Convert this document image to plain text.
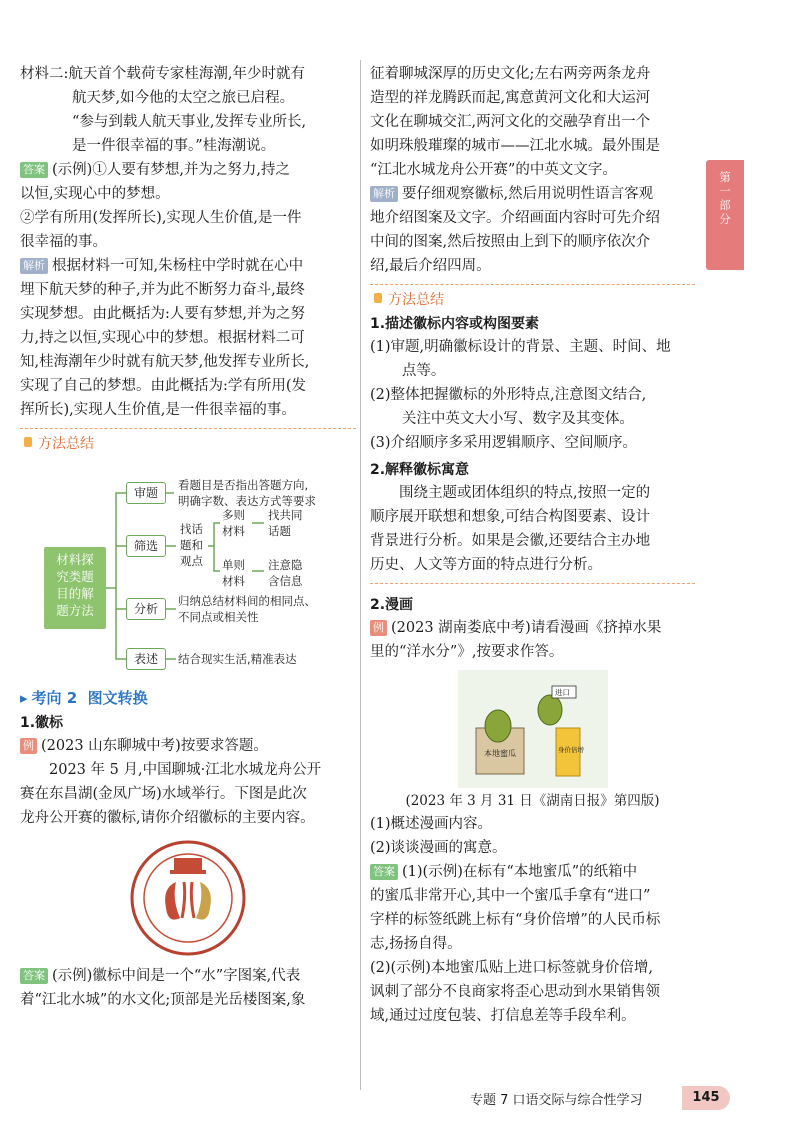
材料二:航天首个载荷专家桂海潮,年少时就有

航天梦,如今他的太空之旅已启程。

“参与到载人航天事业,发挥专业所长,

是一件很幸福的事。”桂海潮说。

答案 (示例)①人要有梦想,并为之努力,持之

以恒,实现心中的梦想。

②学有所用(发挥所长),实现人生价值,是一件

很幸福的事。

解析 根据材料一可知,朱杨柱中学时就在心中

埋下航天梦的种子,并为此不断努力奋斗,最终

实现梦想。由此概括为:人要有梦想,并为之努

力,持之以恒,实现心中的梦想。根据材料二可

知,桂海潮年少时就有航天梦,他发挥专业所长,

实现了自己的梦想。由此概括为:学有所用(发

挥所长),实现人生价值,是一件很幸福的事。

方法总结
材料探
究类题
目的解
题方法
审题
筛选
分析
表述
看题目是否指出答题方向,
明确字数、表达方式等要求
找话
题和
观点
多则
材料
找共同
话题
单则
材料
注意隐
含信息
归纳总结材料间的相同点、
不同点或相关性
结合现实生活,精准表达
▸ 考向 2 图文转换
1.徽标

例 (2023 山东聊城中考)按要求答题。

2023 年 5 月,中国聊城·江北水城龙舟公开

赛在东昌湖(金凤广场)水域举行。下图是此次

龙舟公开赛的徽标,请你介绍徽标的主要内容。

答案 (示例)徽标中间是一个“水”字图案,代表

着“江北水城”的水文化;顶部是光岳楼图案,象

征着聊城深厚的历史文化;左右两旁两条龙舟

造型的祥龙腾跃而起,寓意黄河文化和大运河

文化在聊城交汇,两河文化的交融孕育出一个

如明珠般璀璨的城市——江北水城。最外围是

“江北水城龙舟公开赛”的中英文文字。

解析 要仔细观察徽标,然后用说明性语言客观

地介绍图案及文字。介绍画面内容时可先介绍

中间的图案,然后按照由上到下的顺序依次介

绍,最后介绍四周。

方法总结
1.描述徽标内容或构图要素

(1)审题,明确徽标设计的背景、主题、时间、地

点等。

(2)整体把握徽标的外形特点,注意图文结合,

关注中英文大小写、数字及其变体。

(3)介绍顺序多采用逻辑顺序、空间顺序。

2.解释徽标寓意

围绕主题或团体组织的特点,按照一定的

顺序展开联想和想象,可结合构图要素、设计

背景进行分析。如果是会徽,还要结合主办地

历史、人文等方面的特点进行分析。

2.漫画

例 (2023 湖南娄底中考)请看漫画《挤掉水果

里的“洋水分”》,按要求作答。

本地蜜瓜
进口
身价倍增

(2023 年 3 月 31 日《湖南日报》第四版)

(1)概述漫画内容。

(2)谈谈漫画的寓意。

答案 (1)(示例)在标有“本地蜜瓜”的纸箱中

的蜜瓜非常开心,其中一个蜜瓜手拿有“进口”

字样的标签纸跳上标有“身价倍增”的人民币标

志,扬扬自得。

(2)(示例)本地蜜瓜贴上进口标签就身价倍增,

讽刺了部分不良商家将歪心思动到水果销售领

域,通过过度包装、打信息差等手段牟利。

第
一
部
分
专题 7 口语交际与综合性学习	145
